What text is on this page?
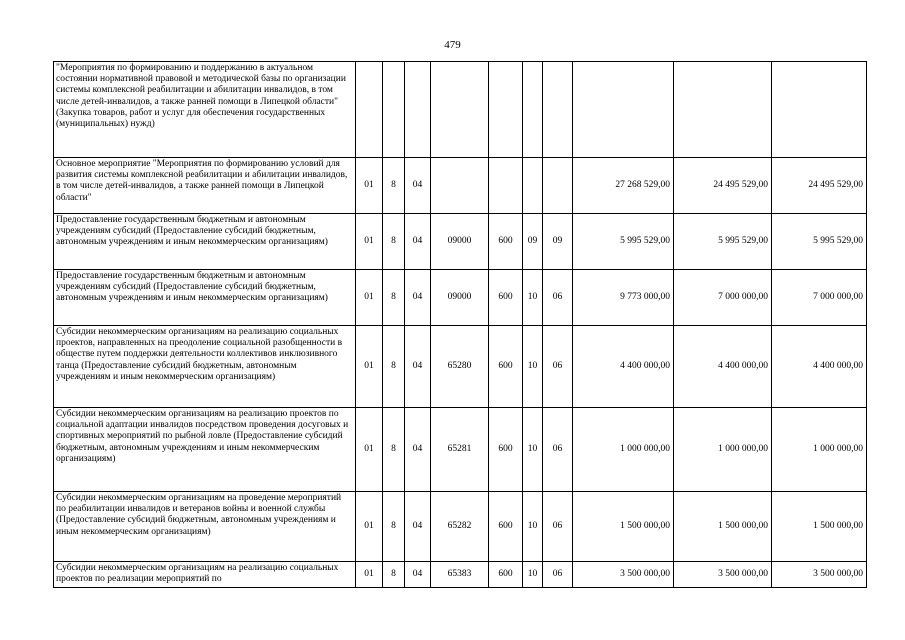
479
"Мероприятия по формированию и поддержанию в актуальном состоянии нормативной правовой и методической базы по организации системы комплексной реабилитации и абилитации инвалидов, в том числе детей-инвалидов, а также ранней помощи в Липецкой области" (Закупка товаров, работ и услуг для обеспечения государственных (муниципальных) нужд)										
Основное мероприятие "Мероприятия по формированию условий для развития системы комплексной реабилитации и абилитации инвалидов, в том числе детей-инвалидов, а также ранней помощи в Липецкой области"	01	8	04					27 268 529,00	24 495 529,00	24 495 529,00
Предоставление государственным бюджетным и автономным учреждениям субсидий (Предоставление субсидий бюджетным, автономным учреждениям и иным некоммерческим организациям)	01	8	04	09000	600	09	09	5 995 529,00	5 995 529,00	5 995 529,00
Предоставление государственным бюджетным и автономным учреждениям субсидий (Предоставление субсидий бюджетным, автономным учреждениям и иным некоммерческим организациям)	01	8	04	09000	600	10	06	9 773 000,00	7 000 000,00	7 000 000,00
Субсидии некоммерческим организациям на реализацию социальных проектов, направленных на преодоление социальной разобщенности в обществе путем поддержки деятельности коллективов инклюзивного танца (Предоставление субсидий бюджетным, автономным учреждениям и иным некоммерческим организациям)	01	8	04	65280	600	10	06	4 400 000,00	4 400 000,00	4 400 000,00
Субсидии некоммерческим организациям на реализацию проектов по социальной адаптации инвалидов посредством проведения досуговых и спортивных мероприятий по рыбной ловле (Предоставление субсидий бюджетным, автономным учреждениям и иным некоммерческим организациям)	01	8	04	65281	600	10	06	1 000 000,00	1 000 000,00	1 000 000,00
Субсидии некоммерческим организациям на проведение мероприятий по реабилитации инвалидов и ветеранов войны и военной службы (Предоставление субсидий бюджетным, автономным учреждениям и иным некоммерческим организациям)	01	8	04	65282	600	10	06	1 500 000,00	1 500 000,00	1 500 000,00
Субсидии некоммерческим организациям на реализацию социальных проектов по реализации мероприятий по	01	8	04	65383	600	10	06	3 500 000,00	3 500 000,00	3 500 000,00
